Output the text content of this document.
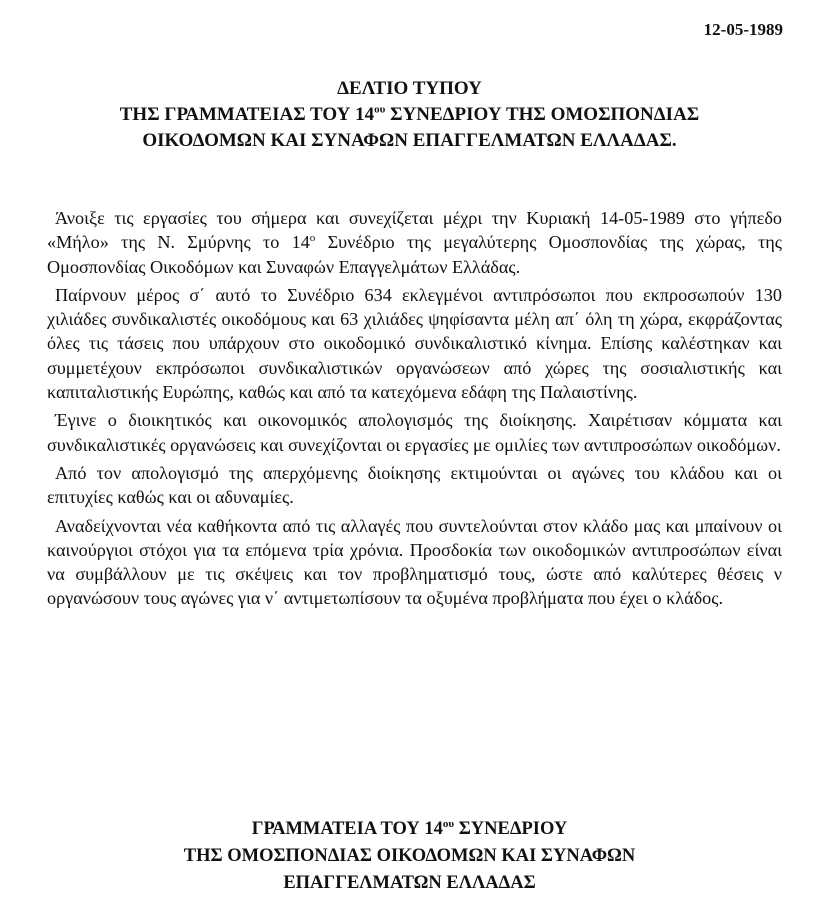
12-05-1989
ΔΕΛΤΙΟ ΤΥΠΟΥ
ΤΗΣ ΓΡΑΜΜΑΤΕΙΑΣ ΤΟΥ $14^{o\upsilon}$ ΣΥΝΕΔΡΙΟΥ ΤΗΣ ΟΜΟΣΠΟΝΔΙΑΣ
ΟΙΚΟΔΟΜΩΝ ΚΑΙ ΣΥΝΑΦΩΝ ΕΠΑΓΓΕΛΜΑΤΩΝ ΕΛΛΑΔΑΣ.

Άνοιξε τις εργασίες του σήμερα και συνεχίζεται μέχρι την Κυριακή 14-05-1989 στο γήπεδο «Μήλο» της Ν. Σμύρνης το $14^o$ Συνέδριο της μεγαλύτερης Ομοσπονδίας της χώρας, της Ομοσπονδίας Οικοδόμων και Συναφών Επαγγελμάτων Ελλάδας.

Παίρνουν μέρος σ΄ αυτό το Συνέδριο 634 εκλεγμένοι αντιπρόσωποι που εκπροσωπούν 130 χιλιάδες συνδικαλιστές οικοδόμους και 63 χιλιάδες ψηφίσαντα μέλη απ΄ όλη τη χώρα, εκφράζοντας όλες τις τάσεις που υπάρχουν στο οικοδομικό συνδικαλιστικό κίνημα. Επίσης καλέστηκαν και συμμετέχουν εκπρόσωποι συνδικαλιστικών οργανώσεων από χώρες της σοσιαλιστικής και καπιταλιστικής Ευρώπης, καθώς και από τα κατεχόμενα εδάφη της Παλαιστίνης.

Έγινε ο διοικητικός και οικονομικός απολογισμός της διοίκησης. Χαιρέτισαν κόμματα και συνδικαλιστικές οργανώσεις και συνεχίζονται οι εργασίες με ομιλίες των αντιπροσώπων οικοδόμων.

Από τον απολογισμό της απερχόμενης διοίκησης εκτιμούνται οι αγώνες του κλάδου και οι επιτυχίες καθώς και οι αδυναμίες.

Αναδείχνονται νέα καθήκοντα από τις αλλαγές που συντελούνται στον κλάδο μας και μπαίνουν οι καινούργιοι στόχοι για τα επόμενα τρία χρόνια. Προσδοκία των οικοδομικών αντιπροσώπων είναι να συμβάλλουν με τις σκέψεις και τον προβληματισμό τους, ώστε από καλύτερες θέσεις ν οργανώσουν τους αγώνες για ν΄ αντιμετωπίσουν τα οξυμένα προβλήματα που έχει ο κλάδος.

ΓΡΑΜΜΑΤΕΙΑ ΤΟΥ $14^{o\upsilon}$ ΣΥΝΕΔΡΙΟΥ
ΤΗΣ ΟΜΟΣΠΟΝΔΙΑΣ ΟΙΚΟΔΟΜΩΝ ΚΑΙ ΣΥΝΑΦΩΝ
ΕΠΑΓΓΕΛΜΑΤΩΝ ΕΛΛΑΔΑΣ
